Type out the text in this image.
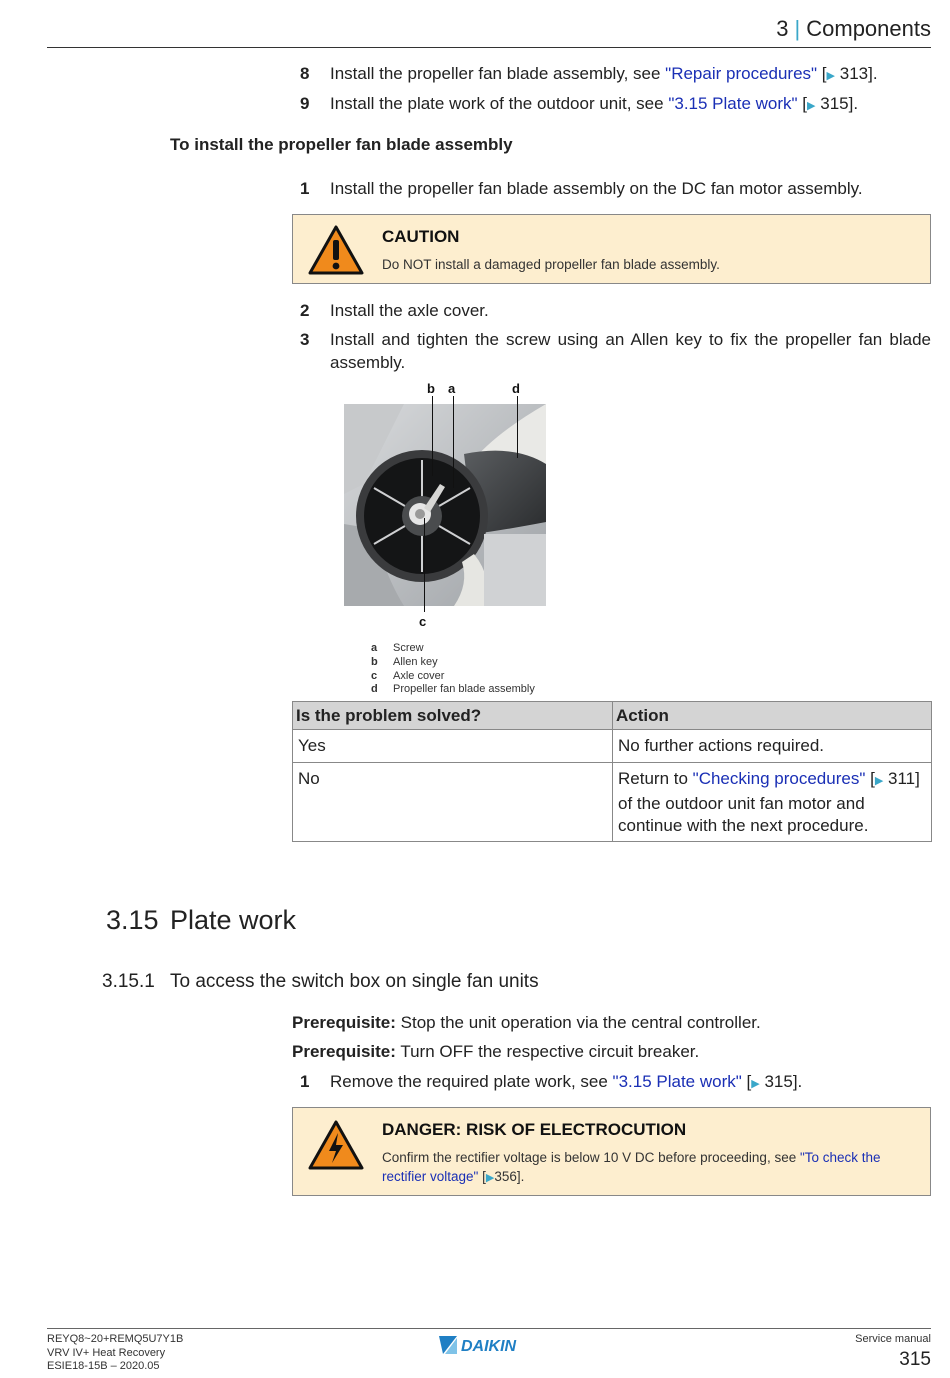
3 | Components
8 Install the propeller fan blade assembly, see "Repair procedures" [▶ 313].
9 Install the plate work of the outdoor unit, see "3.15 Plate work" [▶ 315].
To install the propeller fan blade assembly
1 Install the propeller fan blade assembly on the DC fan motor assembly.
CAUTION
Do NOT install a damaged propeller fan blade assembly.
2 Install the axle cover.
3 Install and tighten the screw using an Allen key to fix the propeller fan blade assembly.
b a	d
c
a	Screw
b	Allen key
c	Axle cover
d	Propeller fan blade assembly
Is the problem solved?	Action
Yes	No further actions required.
No	Return to "Checking procedures" [▶ 311] of the outdoor unit fan motor and continue with the next procedure.
3.15 Plate work
3.15.1 To access the switch box on single fan units
Prerequisite: Stop the unit operation via the central controller.
Prerequisite: Turn OFF the respective circuit breaker.
1 Remove the required plate work, see "3.15 Plate work" [▶ 315].
DANGER: RISK OF ELECTROCUTION
Confirm the rectifier voltage is below 10 V DC before proceeding, see "To check the rectifier voltage" [▶356].
REYQ8~20+REMQ5U7Y1B
VRV IV+ Heat Recovery
ESIE18-15B – 2020.05
DAIKIN	Service manual
315
